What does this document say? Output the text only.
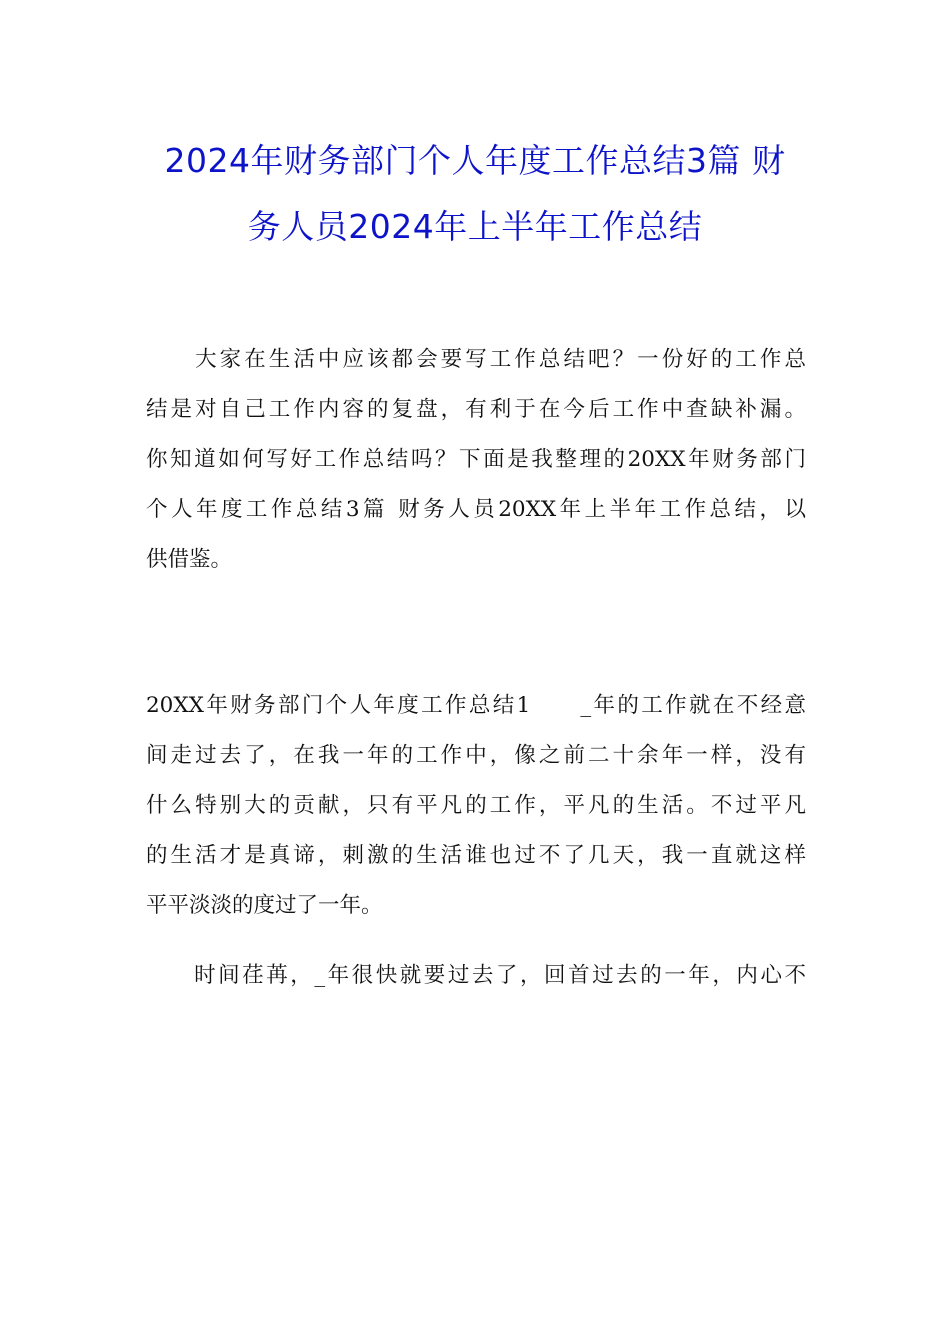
2024年财务部门个人年度工作总结3篇 财
务人员2024年上半年工作总结
　　大家在生活中应该都会要写工作总结吧？一份好的工作总
结是对自己工作内容的复盘，有利于在今后工作中查缺补漏。
你知道如何写好工作总结吗？下面是我整理的20XX年财务部门
个人年度工作总结3篇 财务人员20XX年上半年工作总结，以
供借鉴。
20XX年财务部门个人年度工作总结1　　_年的工作就在不经意
间走过去了，在我一年的工作中，像之前二十余年一样，没有
什么特别大的贡献，只有平凡的工作，平凡的生活。不过平凡
的生活才是真谛，刺激的生活谁也过不了几天，我一直就这样
平平淡淡的度过了一年。
　　时间荏苒，_年很快就要过去了，回首过去的一年，内心不
